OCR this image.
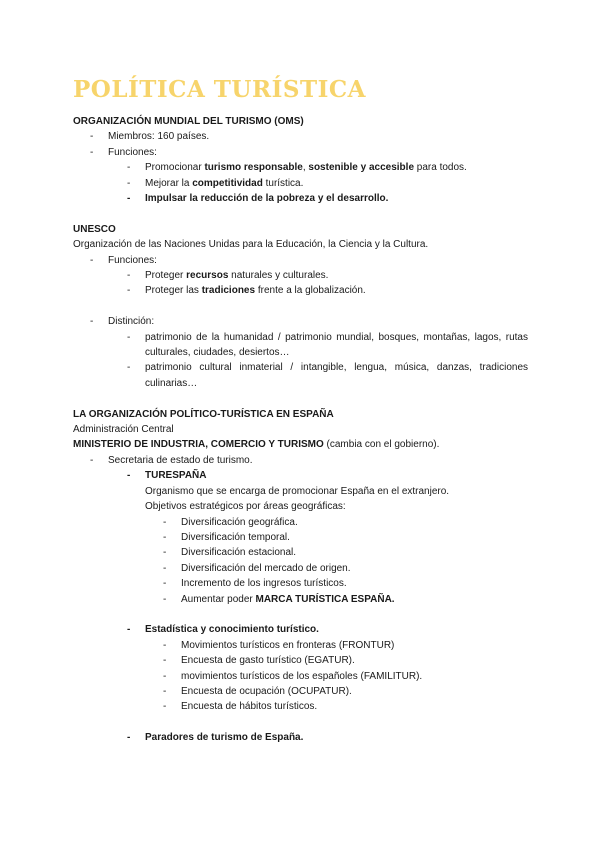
POLÍTICA TURÍSTICA
ORGANIZACIÓN MUNDIAL DEL TURISMO (OMS)
-	Miembros: 160 países.
-	Funciones:
-	Promocionar turismo responsable, sostenible y accesible para todos.
-	Mejorar la competitividad turística.
-	Impulsar la reducción de la pobreza y el desarrollo.
UNESCO
Organización de las Naciones Unidas para la Educación, la Ciencia y la Cultura.
-	Funciones:
-	Proteger recursos naturales y culturales.
-	Proteger las tradiciones frente a la globalización.
-	Distinción:
-	patrimonio de la humanidad / patrimonio mundial, bosques, montañas, lagos, rutas culturales, ciudades, desiertos…
-	patrimonio cultural inmaterial / intangible, lengua, música, danzas, tradiciones culinarias…
LA ORGANIZACIÓN POLÍTICO-TURÍSTICA EN ESPAÑA
Administración Central
MINISTERIO DE INDUSTRIA, COMERCIO Y TURISMO (cambia con el gobierno).
-	Secretaria de estado de turismo.
-	TURESPAÑA
Organismo que se encarga de promocionar España en el extranjero.
Objetivos estratégicos por áreas geográficas:
-	Diversificación geográfica.
-	Diversificación temporal.
-	Diversificación estacional.
-	Diversificación del mercado de origen.
-	Incremento de los ingresos turísticos.
-	Aumentar poder MARCA TURÍSTICA ESPAÑA.
-	Estadística y conocimiento turístico.
-	Movimientos turísticos en fronteras (FRONTUR)
-	Encuesta de gasto turístico (EGATUR).
-	movimientos turísticos de los españoles (FAMILITUR).
-	Encuesta de ocupación (OCUPATUR).
-	Encuesta de hábitos turísticos.
-	Paradores de turismo de España.
